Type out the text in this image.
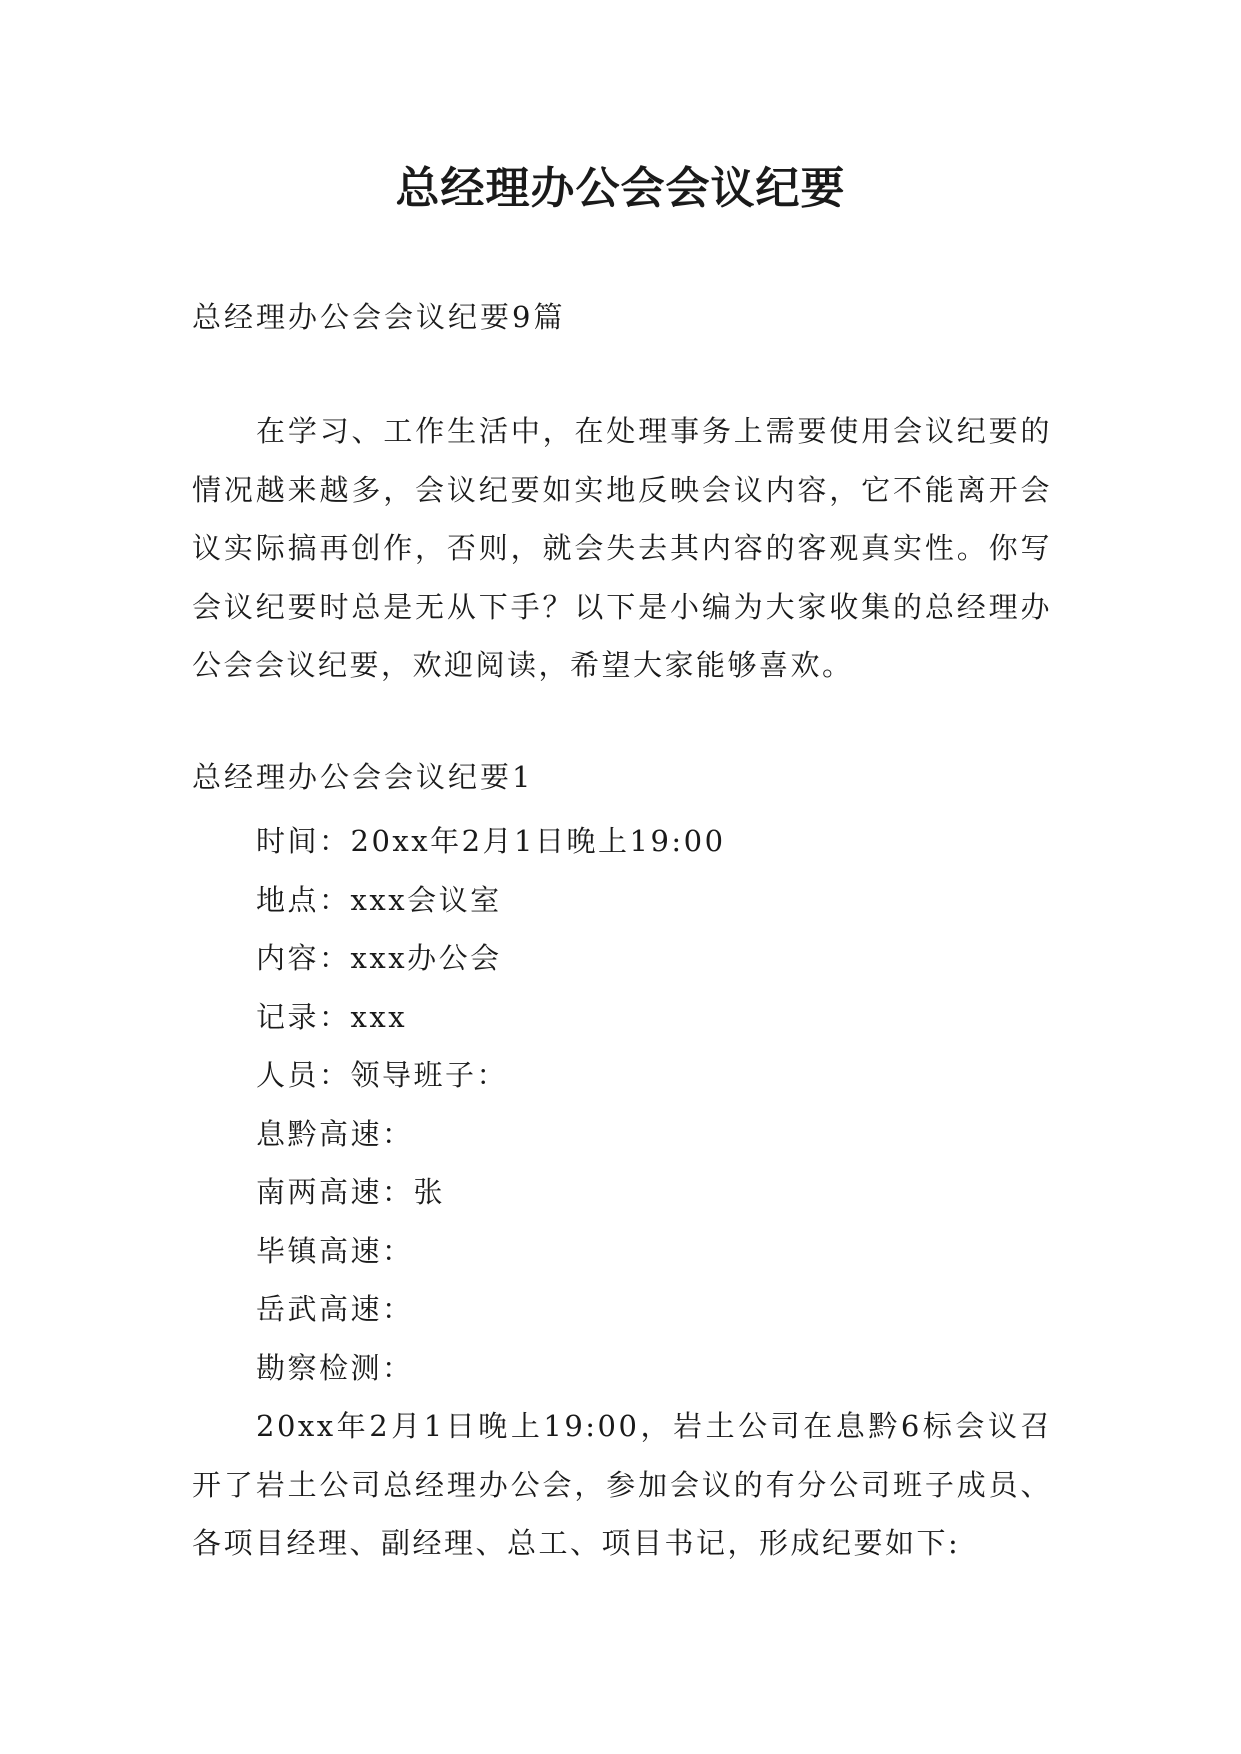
总经理办公会会议纪要
总经理办公会会议纪要9篇
在学习、工作生活中，在处理事务上需要使用会议纪要的情况越来越多，会议纪要如实地反映会议内容，它不能离开会议实际搞再创作，否则，就会失去其内容的客观真实性。你写会议纪要时总是无从下手？以下是小编为大家收集的总经理办公会会议纪要，欢迎阅读，希望大家能够喜欢。
总经理办公会会议纪要1
时间：20xx年2月1日晚上19:00
地点：xxx会议室
内容：xxx办公会
记录：xxx
人员：领导班子：
息黔高速：
南两高速：张
毕镇高速：
岳武高速：
勘察检测：
20xx年2月1日晚上19:00，岩土公司在息黔6标会议召开了岩土公司总经理办公会，参加会议的有分公司班子成员、各项目经理、副经理、总工、项目书记，形成纪要如下:
